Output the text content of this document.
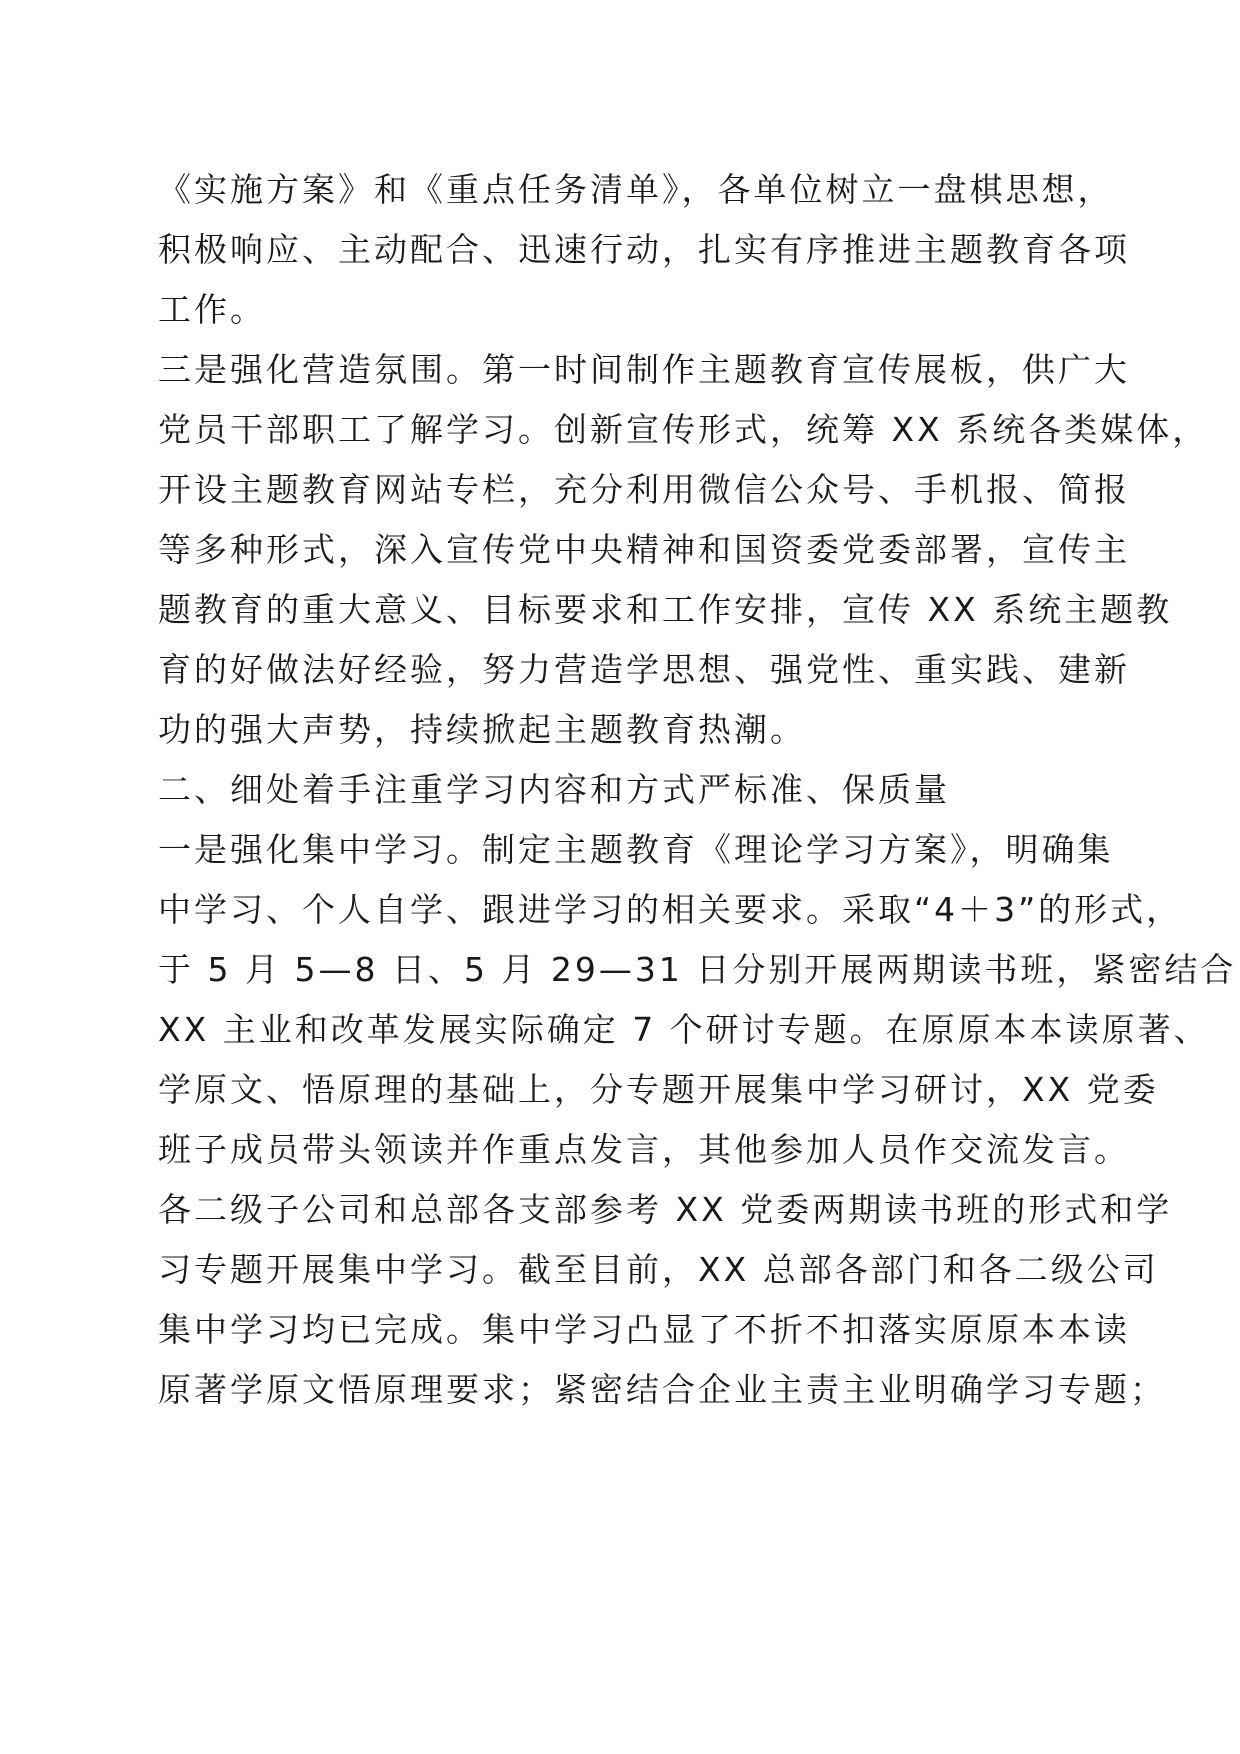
《实施方案》和《重点任务清单》，各单位树立一盘棋思想，
积极响应、主动配合、迅速行动，扎实有序推进主题教育各项
工作。
三是强化营造氛围。第一时间制作主题教育宣传展板，供广大
党员干部职工了解学习。创新宣传形式，统筹 XX 系统各类媒体，
开设主题教育网站专栏，充分利用微信公众号、手机报、简报
等多种形式，深入宣传党中央精神和国资委党委部署，宣传主
题教育的重大意义、目标要求和工作安排，宣传 XX 系统主题教
育的好做法好经验，努力营造学思想、强党性、重实践、建新
功的强大声势，持续掀起主题教育热潮。
二、细处着手注重学习内容和方式严标准、保质量
一是强化集中学习。制定主题教育《理论学习方案》，明确集
中学习、个人自学、跟进学习的相关要求。采取“4＋3”的形式，
于 5 月 5—8 日、5 月 29—31 日分别开展两期读书班，紧密结合
XX 主业和改革发展实际确定 7 个研讨专题。在原原本本读原著、
学原文、悟原理的基础上，分专题开展集中学习研讨，XX 党委
班子成员带头领读并作重点发言，其他参加人员作交流发言。
各二级子公司和总部各支部参考 XX 党委两期读书班的形式和学
习专题开展集中学习。截至目前，XX 总部各部门和各二级公司
集中学习均已完成。集中学习凸显了不折不扣落实原原本本读
原著学原文悟原理要求；紧密结合企业主责主业明确学习专题；
